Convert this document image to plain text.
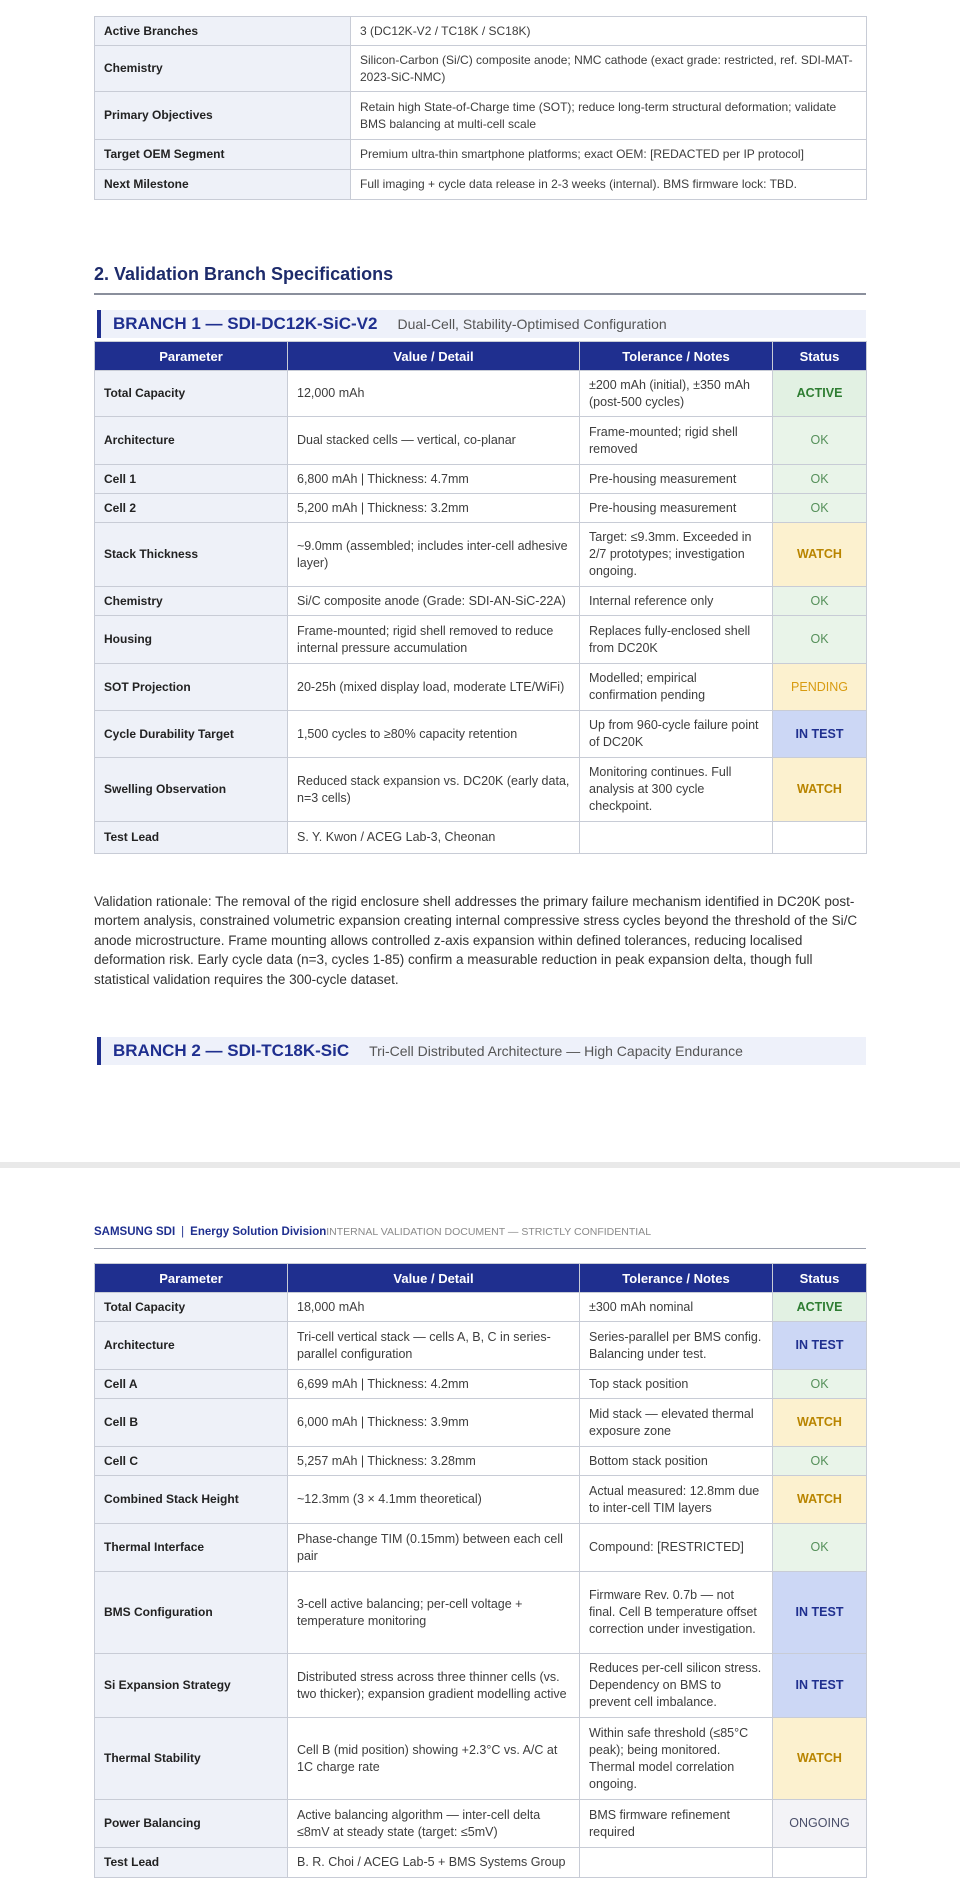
Active Branches	3 (DC12K-V2 / TC18K / SC18K)
Chemistry	Silicon-Carbon (Si/C) composite anode; NMC cathode (exact grade: restricted, ref. SDI-MAT-2023-SiC-NMC)
Primary Objectives	Retain high State-of-Charge time (SOT); reduce long-term structural deformation; validate BMS balancing at multi-cell scale
Target OEM Segment	Premium ultra-thin smartphone platforms; exact OEM: [REDACTED per IP protocol]
Next Milestone	Full imaging + cycle data release in 2-3 weeks (internal). BMS firmware lock: TBD.
2. Validation Branch Specifications
BRANCH 1 — SDI-DC12K-SiC-V2 Dual-Cell, Stability-Optimised Configuration
Parameter	Value / Detail	Tolerance / Notes	Status
Total Capacity	12,000 mAh	±200 mAh (initial), ±350 mAh (post-500 cycles)	ACTIVE
Architecture	Dual stacked cells — vertical, co-planar	Frame-mounted; rigid shell removed	OK
Cell 1	6,800 mAh | Thickness: 4.7mm	Pre-housing measurement	OK
Cell 2	5,200 mAh | Thickness: 3.2mm	Pre-housing measurement	OK
Stack Thickness	~9.0mm (assembled; includes inter-cell adhesive layer)	Target: ≤9.3mm. Exceeded in 2/7 prototypes; investigation ongoing.	WATCH
Chemistry	Si/C composite anode (Grade: SDI-AN-SiC-22A)	Internal reference only	OK
Housing	Frame-mounted; rigid shell removed to reduce internal pressure accumulation	Replaces fully-enclosed shell from DC20K	OK
SOT Projection	20-25h (mixed display load, moderate LTE/WiFi)	Modelled; empirical confirmation pending	PENDING
Cycle Durability Target	1,500 cycles to ≥80% capacity retention	Up from 960-cycle failure point of DC20K	IN TEST
Swelling Observation	Reduced stack expansion vs. DC20K (early data, n=3 cells)	Monitoring continues. Full analysis at 300 cycle checkpoint.	WATCH
Test Lead	S. Y. Kwon / ACEG Lab-3, Cheonan		
Validation rationale: The removal of the rigid enclosure shell addresses the primary failure mechanism identified in DC20K post-mortem analysis, constrained volumetric expansion creating internal compressive stress cycles beyond the threshold of the Si/C anode microstructure. Frame mounting allows controlled z-axis expansion within defined tolerances, reducing localised deformation risk. Early cycle data (n=3, cycles 1-85) confirm a measurable reduction in peak expansion delta, though full statistical validation requires the 300-cycle dataset.
BRANCH 2 — SDI-TC18K-SiC Tri-Cell Distributed Architecture — High Capacity Endurance
SAMSUNG SDI | Energy Solution DivisionINTERNAL VALIDATION DOCUMENT — STRICTLY CONFIDENTIAL
Parameter	Value / Detail	Tolerance / Notes	Status
Total Capacity	18,000 mAh	±300 mAh nominal	ACTIVE
Architecture	Tri-cell vertical stack — cells A, B, C in series-parallel configuration	Series-parallel per BMS config. Balancing under test.	IN TEST
Cell A	6,699 mAh | Thickness: 4.2mm	Top stack position	OK
Cell B	6,000 mAh | Thickness: 3.9mm	Mid stack — elevated thermal exposure zone	WATCH
Cell C	5,257 mAh | Thickness: 3.28mm	Bottom stack position	OK
Combined Stack Height	~12.3mm (3 × 4.1mm theoretical)	Actual measured: 12.8mm due to inter-cell TIM layers	WATCH
Thermal Interface	Phase-change TIM (0.15mm) between each cell pair	Compound: [RESTRICTED]	OK
BMS Configuration	3-cell active balancing; per-cell voltage + temperature monitoring	Firmware Rev. 0.7b — not final. Cell B temperature offset correction under investigation.	IN TEST
Si Expansion Strategy	Distributed stress across three thinner cells (vs. two thicker); expansion gradient modelling active	Reduces per-cell silicon stress. Dependency on BMS to prevent cell imbalance.	IN TEST
Thermal Stability	Cell B (mid position) showing +2.3°C vs. A/C at 1C charge rate	Within safe threshold (≤85°C peak); being monitored. Thermal model correlation ongoing.	WATCH
Power Balancing	Active balancing algorithm — inter-cell delta ≤8mV at steady state (target: ≤5mV)	BMS firmware refinement required	ONGOING
Test Lead	B. R. Choi / ACEG Lab-5 + BMS Systems Group		
